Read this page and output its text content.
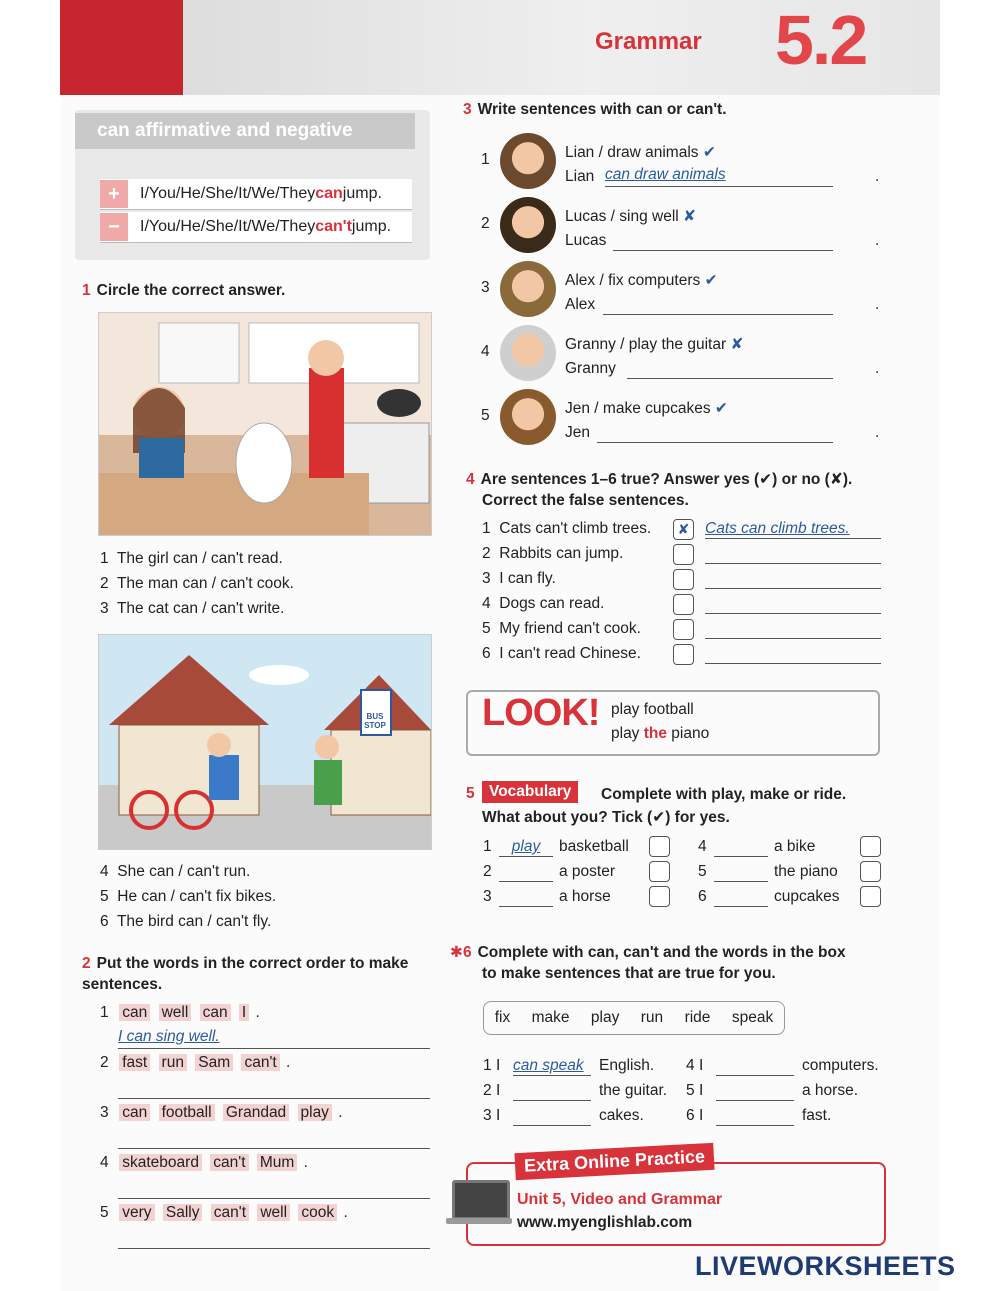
Grammar 5.2
can affirmative and negative
+	I/You/He/She/It/We/They can jump.
−	I/You/He/She/It/We/They can't jump.
1 Circle the correct answer.
1 The girl can / can't read.
2 The man can / can't cook.
3 The cat can / can't write.
BUS STOP
4 She can / can't run.
5 He can / can't fix bikes.
6 The bird can / can't fly.
2 Put the words in the correct order to make sentences.
1 can well can I .
I can sing well.
2 fast run Sam can't .
3 can football Grandad play .
4 skateboard can't Mum .
5 very Sally can't well cook .
3 Write sentences with can or can't.
1	Lian / draw animals ✔
Lian can draw animals	.
2	Lucas / sing well ✘
Lucas	.
3	Alex / fix computers ✔
Alex	.
4	Granny / play the guitar ✘
Granny	.
5	Jen / make cupcakes ✔
Jen	.
4 Are sentences 1–6 true? Answer yes (✔) or no (✘).
Correct the false sentences.
1 Cats can't climb trees.	✘ Cats can climb trees.
2 Rabbits can jump.
3 I can fly.
4 Dogs can read.
5 My friend can't cook.
6 I can't read Chinese.
LOOK! play football
play the piano
5 Vocabulary	Complete with play, make or ride.
What about you? Tick (✔) for yes.
1	play	basketball
2	a poster
3	a horse
4	a bike
5	the piano
6	cupcakes
✱6 Complete with can, can't and the words in the box
to make sentences that are true for you.
fix make play run ride speak
1 I can speak English.
2 I	the guitar.
3 I	cakes.
4 I	computers.
5 I	a horse.
6 I	fast.
Extra Online Practice
Unit 5, Video and Grammar
www.myenglishlab.com
LIVEWORKSHEETS
